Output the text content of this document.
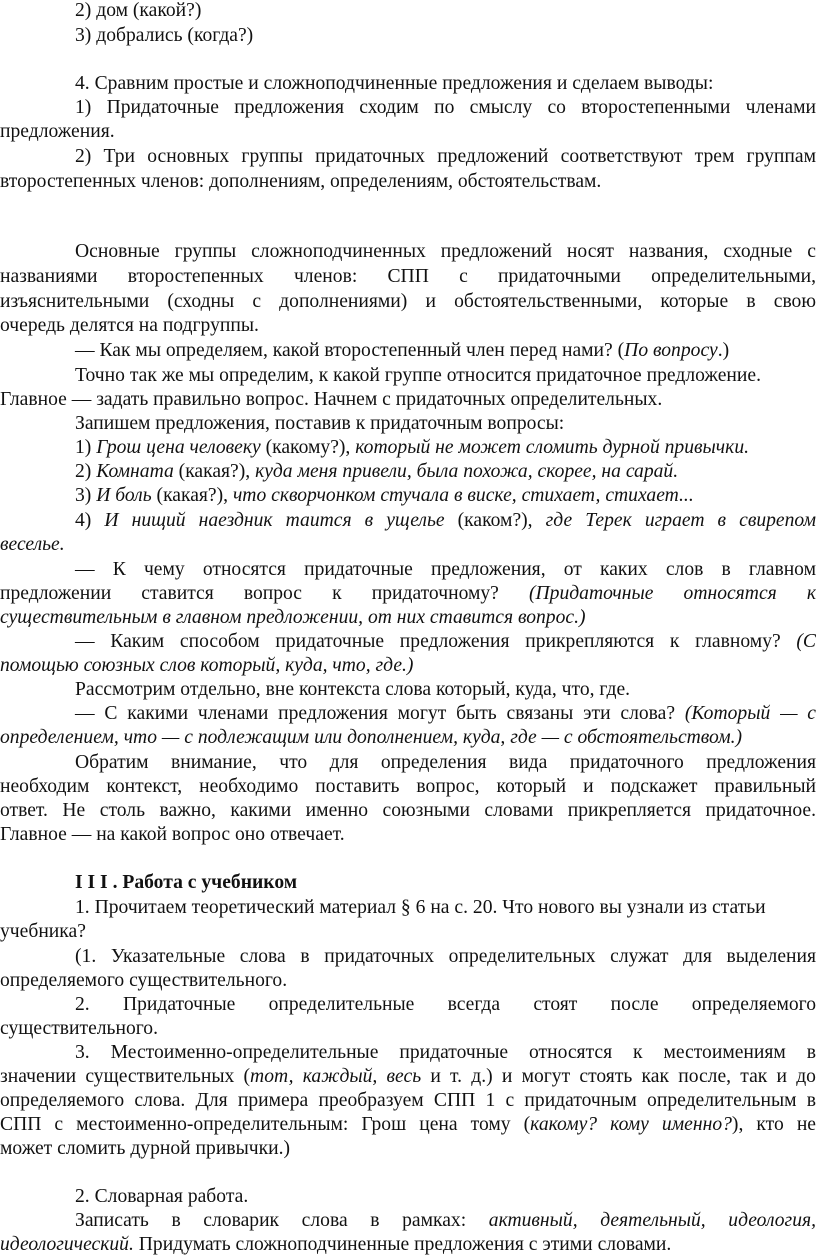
2) дом (какой?)
3) добрались (когда?)
4. Сравним простые и сложноподчиненные предложения и сделаем выводы:
1) Придаточные предложения сходим по смыслу со второстепенными членами
предложения.
2) Три основных группы придаточных предложений соответствуют трем группам
второстепенных членов: дополнениям, определениям, обстоятельствам.
Основные группы сложноподчиненных предложений носят названия, сходные с
названиями второстепенных членов: СПП с придаточными определительными,
изъяснительными (сходны с дополнениями) и обстоятельственными, которые в свою
очередь делятся на подгруппы.
— Как мы определяем, какой второстепенный член перед нами? (По вопросу.)
Точно так же мы определим, к какой группе относится придаточное предложение.
Главное — задать правильно вопрос. Начнем с придаточных определительных.
Запишем предложения, поставив к придаточным вопросы:
1) Грош цена человеку (какому?), который не может сломить дурной привычки.
2) Комната (какая?), куда меня привели, была похожа, скорее, на сарай.
3) И боль (какая?), что скворчонком стучала в виске, стихает, стихает...
4) И нищий наездник таится в ущелье (каком?), где Терек играет в свирепом
веселье.
— К чему относятся придаточные предложения, от каких слов в главном
предложении ставится вопрос к придаточному? (Придаточные относятся к
существительным в главном предложении, от них ставится вопрос.)
— Каким способом придаточные предложения прикрепляются к главному? (С
помощью союзных слов который, куда, что, где.)
Рассмотрим отдельно, вне контекста слова который, куда, что, где.
— С какими членами предложения могут быть связаны эти слова? (Который — с
определением, что — с подлежащим или дополнением, куда, где — с обстоятельством.)
Обратим внимание, что для определения вида придаточного предложения
необходим контекст, необходимо поставить вопрос, который и подскажет правильный
ответ. Не столь важно, какими именно союзными словами прикрепляется придаточное.
Главное — на какой вопрос оно отвечает.
I I I . Работа с учебником
1. Прочитаем теоретический материал § 6 на с. 20. Что нового вы узнали из статьи
учебника?
(1. Указательные слова в придаточных определительных служат для выделения
определяемого существительного.
2. Придаточные определительные всегда стоят после определяемого
существительного.
3. Местоименно-определительные придаточные относятся к местоимениям в
значении существительных (тот, каждый, весь и т. д.) и могут стоять как после, так и до
определяемого слова. Для примера преобразуем СПП 1 с придаточным определительным в
СПП с местоименно-определительным: Грош цена тому (какому? кому именно?), кто не
может сломить дурной привычки.)
2. Словарная работа.
Записать в словарик слова в рамках: активный, деятельный, идеология,
идеологический. Придумать сложноподчиненные предложения с этими словами.
